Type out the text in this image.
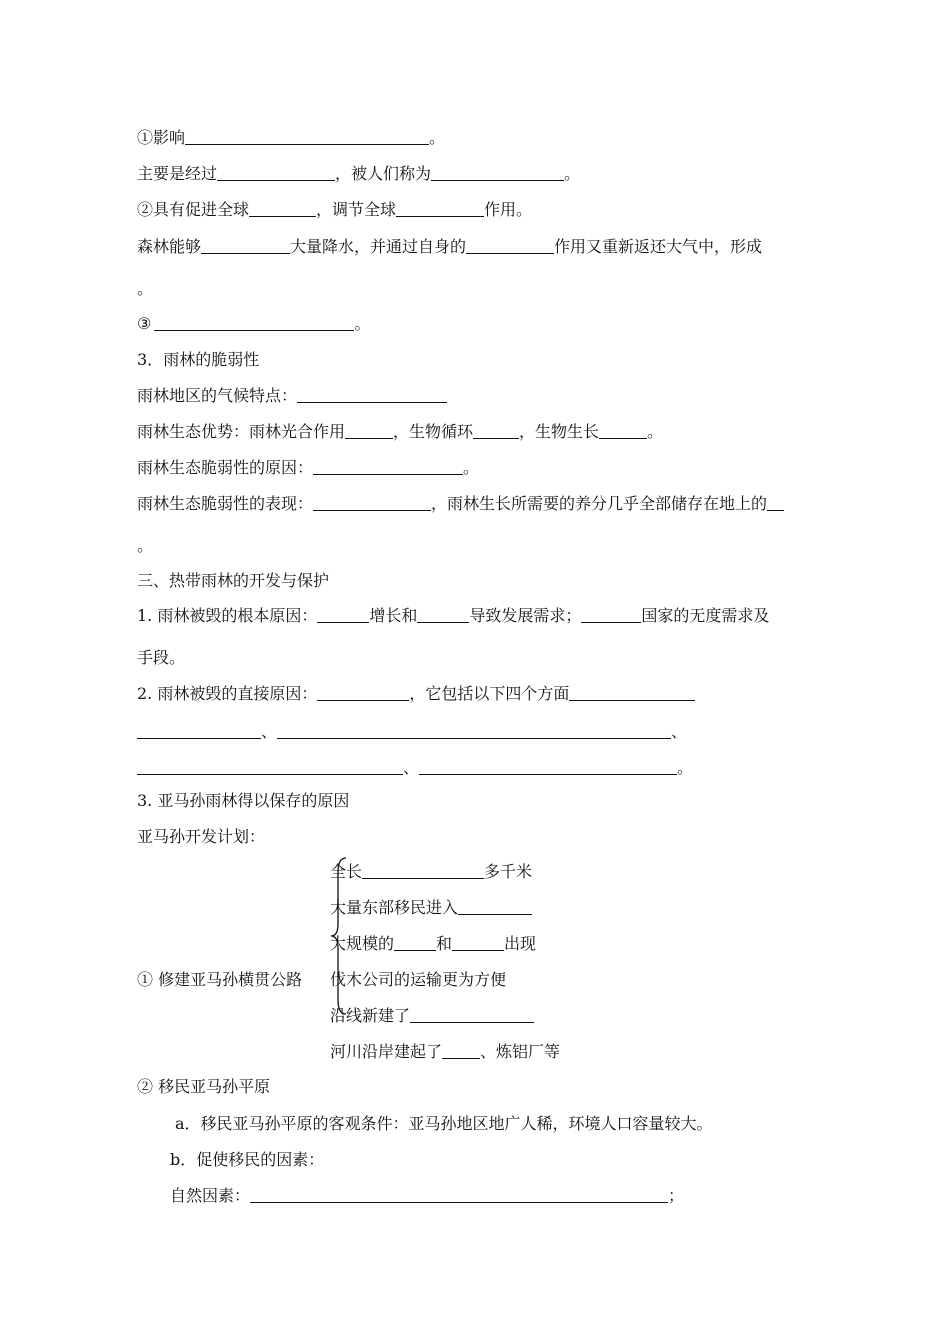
①影响	。
主要是经过	，被人们称为	。
②具有促进全球	，调节全球	作用。
森林能够	大量降水，并通过自身的	作用又重新返还大气中，形成
。
③	。
3．雨林的脆弱性
雨林地区的气候特点：
雨林生态优势：雨林光合作用	，生物循环	，生物生长	。
雨林生态脆弱性的原因：	。
雨林生态脆弱性的表现：	，雨林生长所需要的养分几乎全部储存在地上的
。
三、热带雨林的开发与保护
1. 雨林被毁的根本原因：	增长和	导致发展需求；	国家的无度需求及
手段。
2. 雨林被毁的直接原因：	，它包括以下四个方面
、	、
、	。
3. 亚马孙雨林得以保存的原因
亚马孙开发计划：
① 修建亚马孙横贯公路
全长	多千米
大量东部移民进入
大规模的	和	出现
伐木公司的运输更为方便
沿线新建了
河川沿岸建起了 、炼铝厂等
② 移民亚马孙平原
a．移民亚马孙平原的客观条件：亚马孙地区地广人稀，环境人口容量较大。
b．促使移民的因素：
自然因素：	；
